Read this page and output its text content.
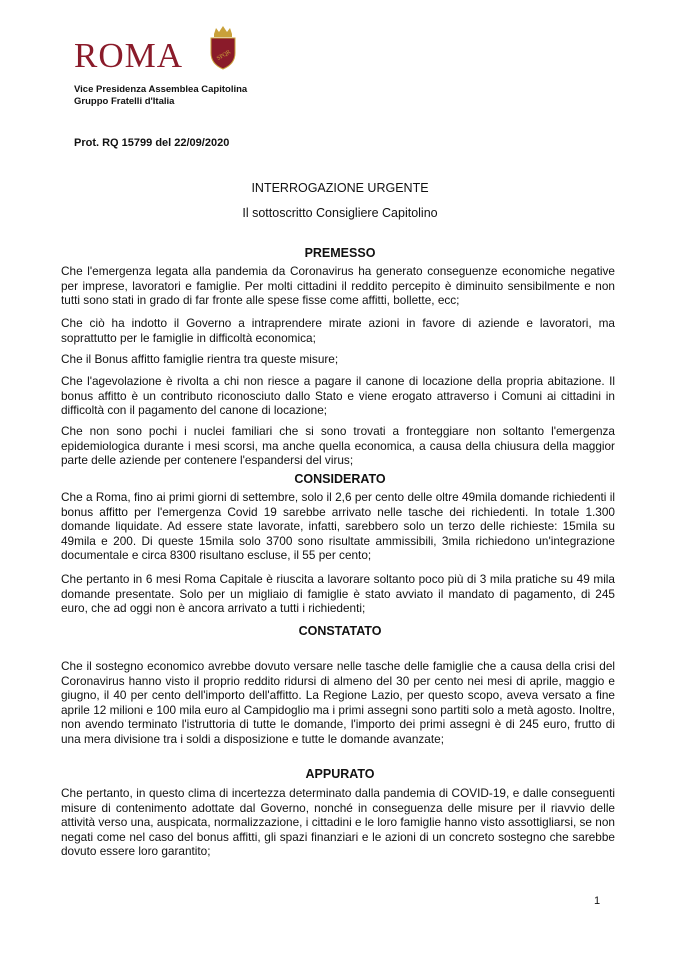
ROMA	SPQR
Vice Presidenza Assemblea Capitolina
Gruppo Fratelli d'Italia
Prot. RQ 15799 del 22/09/2020
INTERROGAZIONE URGENTE
Il sottoscritto Consigliere Capitolino
PREMESSO

Che l'emergenza legata alla pandemia da Coronavirus ha generato conseguenze economiche negative per imprese, lavoratori e famiglie. Per molti cittadini il reddito percepito è diminuito sensibilmente e non tutti sono stati in grado di far fronte alle spese fisse come affitti, bollette, ecc;

Che ciò ha indotto il Governo a intraprendere mirate azioni in favore di aziende e lavoratori, ma soprattutto per le famiglie in difficoltà economica;

Che il Bonus affitto famiglie rientra tra queste misure;

Che l'agevolazione è rivolta a chi non riesce a pagare il canone di locazione della propria abitazione. Il bonus affitto è un contributo riconosciuto dallo Stato e viene erogato attraverso i Comuni ai cittadini in difficoltà con il pagamento del canone di locazione;

Che non sono pochi i nuclei familiari che si sono trovati a fronteggiare non soltanto l'emergenza epidemiologica durante i mesi scorsi, ma anche quella economica, a causa della chiusura della maggior parte delle aziende per contenere l'espandersi del virus;

CONSIDERATO

Che a Roma, fino ai primi giorni di settembre, solo il 2,6 per cento delle oltre 49mila domande richiedenti il bonus affitto per l'emergenza Covid 19 sarebbe arrivato nelle tasche dei richiedenti. In totale 1.300 domande liquidate. Ad essere state lavorate, infatti, sarebbero solo un terzo delle richieste: 15mila su 49mila e 200. Di queste 15mila solo 3700 sono risultate ammissibili, 3mila richiedono un'integrazione documentale e circa 8300 risultano escluse, il 55 per cento;

Che pertanto in 6 mesi Roma Capitale è riuscita a lavorare soltanto poco più di 3 mila pratiche su 49 mila domande presentate. Solo per un migliaio di famiglie è stato avviato il mandato di pagamento, di 245 euro, che ad oggi non è ancora arrivato a tutti i richiedenti;

CONSTATATO

Che il sostegno economico avrebbe dovuto versare nelle tasche delle famiglie che a causa della crisi del Coronavirus hanno visto il proprio reddito ridursi di almeno del 30 per cento nei mesi di aprile, maggio e giugno, il 40 per cento dell'importo dell'affitto. La Regione Lazio, per questo scopo, aveva versato a fine aprile 12 milioni e 100 mila euro al Campidoglio ma i primi assegni sono partiti solo a metà agosto. Inoltre, non avendo terminato l'istruttoria di tutte le domande, l'importo dei primi assegni è di 245 euro, frutto di una mera divisione tra i soldi a disposizione e tutte le domande avanzate;

APPURATO

Che pertanto, in questo clima di incertezza determinato dalla pandemia di COVID-19, e dalle conseguenti misure di contenimento adottate dal Governo, nonché in conseguenza delle misure per il riavvio delle attività verso una, auspicata, normalizzazione, i cittadini e le loro famiglie hanno visto assottigliarsi, se non negati come nel caso del bonus affitti, gli spazi finanziari e le azioni di un concreto sostegno che sarebbe dovuto essere loro garantito;

1
